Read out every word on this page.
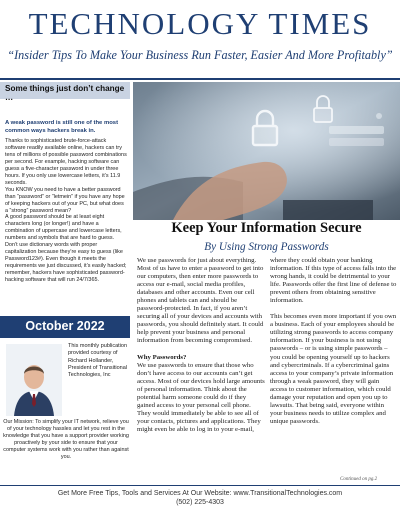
TECHNOLOGY TIMES
“Insider Tips To Make Your Business Run Faster, Easier And More Profitably”
Some things just don’t change …
A weak password is still one of the most common ways hackers break in.

Thanks to sophisticated brute-force-attack software readily available online, hackers can try tens of millions of possible password combinations per second. For example, hacking software can guess a five-character password in under three hours. If you only use lowercase letters, it’s 11.9 seconds.

You KNOW you need to have a better password than “password” or “letmein” if you have any hope of keeping hackers out of your PC, but what does a “strong” password mean?

A good password should be at least eight characters long (or longer!) and have a combination of uppercase and lowercase letters, numbers and symbols that are hard to guess. Don’t use dictionary words with proper capitalization because they’re easy to guess (like Password123#). Even though it meets the requirements we just discussed, it’s easily hacked; remember, hackers have sophisticated password-hacking software that will run 24/7/365.

October 2022
This monthly publication provided courtesy of Richard Hollander, President of Transitional Technologies, Inc
Our Mission: To simplify your IT network, relieve you of your technology hassles and let you rest in the knowledge that you have a support provider working proactively by your side to ensure that your computer systems work with you rather than against you.
Keep Your Information Secure
By Using Strong Passwords

We use passwords for just about everything. Most of us have to enter a password to get into our computers, then enter more passwords to access our e-mail, social media profiles, databases and other accounts. Even our cell phones and tablets can and should be password-protected. In fact, if you aren’t securing all of your devices and accounts with passwords, you should definitely start. It could help prevent your business and personal information from becoming compromised.

Why Passwords?

We use passwords to ensure that those who don’t have access to our accounts can’t get access. Most of our devices hold large amounts of personal information. Think about the potential harm someone could do if they gained access to your personal cell phone. They would immediately be able to see all of your contacts, pictures and applications. They might even be able to log in to your e-mail,

where they could obtain your banking information. If this type of access falls into the wrong hands, it could be detrimental to your life. Passwords offer the first line of defense to prevent others from obtaining sensitive information.

This becomes even more important if you own a business. Each of your employees should be utilizing strong passwords to access company information. If your business is not using passwords – or is using simple passwords – you could be opening yourself up to hackers and cybercriminals. If a cybercriminal gains access to your company’s private information through a weak password, they will gain access to customer information, which could damage your reputation and open you up to lawsuits. That being said, everyone within your business needs to utilize complex and unique passwords.

Continued on pg.2
Get More Free Tips, Tools and Services At Our Website: www.TransitionalTechnologies.com
(502) 225-4303
